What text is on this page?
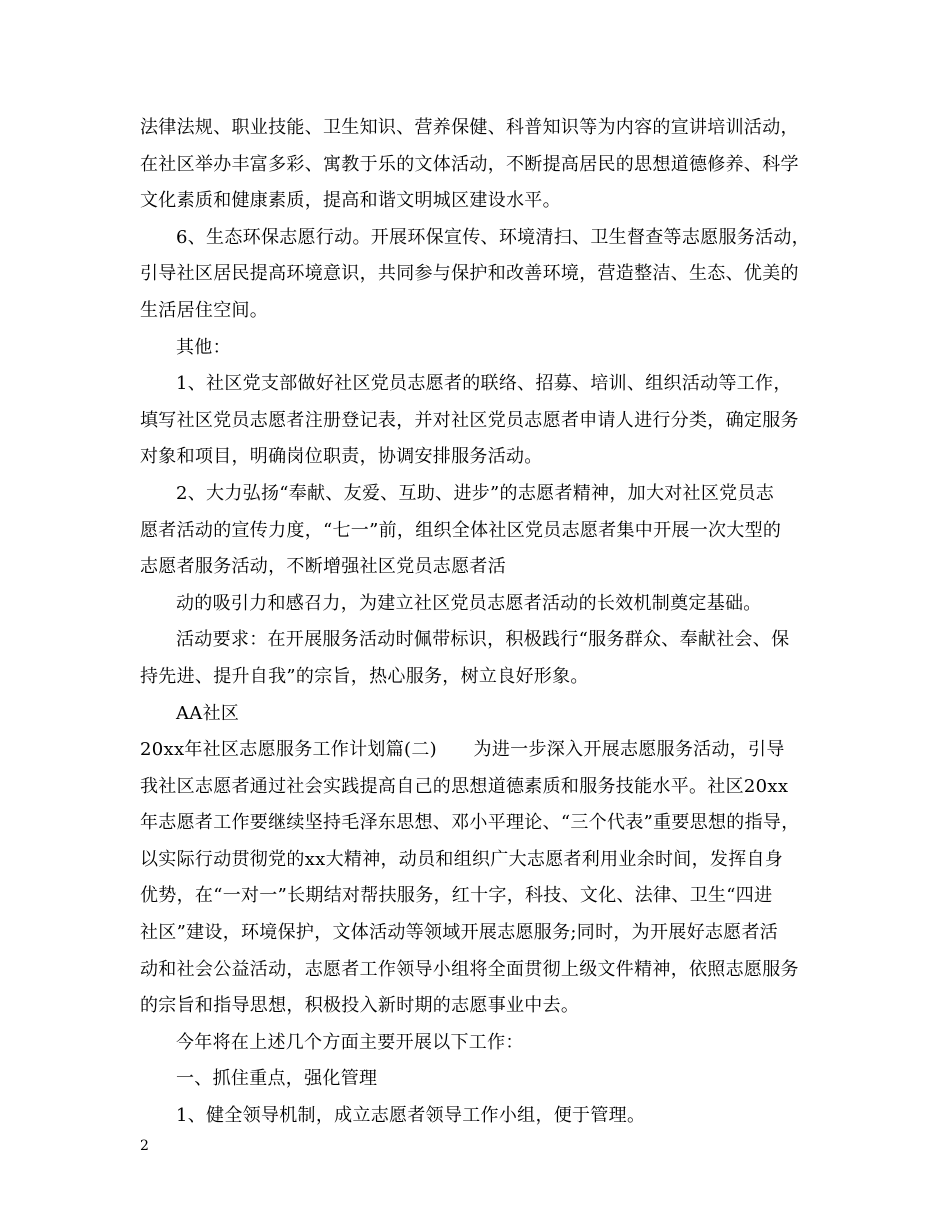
法律法规、职业技能、卫生知识、营养保健、科普知识等为内容的宣讲培训活动，
在社区举办丰富多彩、寓教于乐的文体活动，不断提高居民的思想道德修养、科学
文化素质和健康素质，提高和谐文明城区建设水平。
6、生态环保志愿行动。开展环保宣传、环境清扫、卫生督查等志愿服务活动，
引导社区居民提高环境意识，共同参与保护和改善环境，营造整洁、生态、优美的
生活居住空间。
其他：
1、社区党支部做好社区党员志愿者的联络、招募、培训、组织活动等工作，
填写社区党员志愿者注册登记表，并对社区党员志愿者申请人进行分类，确定服务
对象和项目，明确岗位职责，协调安排服务活动。
2、大力弘扬“奉献、友爱、互助、进步”的志愿者精神，加大对社区党员志
愿者活动的宣传力度，“七一”前，组织全体社区党员志愿者集中开展一次大型的
志愿者服务活动，不断增强社区党员志愿者活
动的吸引力和感召力，为建立社区党员志愿者活动的长效机制奠定基础。
活动要求：在开展服务活动时佩带标识，积极践行“服务群众、奉献社会、保
持先进、提升自我”的宗旨，热心服务，树立良好形象。
AA社区
20xx年社区志愿服务工作计划篇(二)　　为进一步深入开展志愿服务活动，引导
我社区志愿者通过社会实践提高自己的思想道德素质和服务技能水平。社区20xx
年志愿者工作要继续坚持毛泽东思想、邓小平理论、“三个代表”重要思想的指导，
以实际行动贯彻党的xx大精神，动员和组织广大志愿者利用业余时间，发挥自身
优势，在“一对一”长期结对帮扶服务，红十字，科技、文化、法律、卫生“四进
社区”建设，环境保护，文体活动等领域开展志愿服务;同时，为开展好志愿者活
动和社会公益活动，志愿者工作领导小组将全面贯彻上级文件精神，依照志愿服务
的宗旨和指导思想，积极投入新时期的志愿事业中去。
今年将在上述几个方面主要开展以下工作：
一、抓住重点，强化管理
1、健全领导机制，成立志愿者领导工作小组，便于管理。
2
